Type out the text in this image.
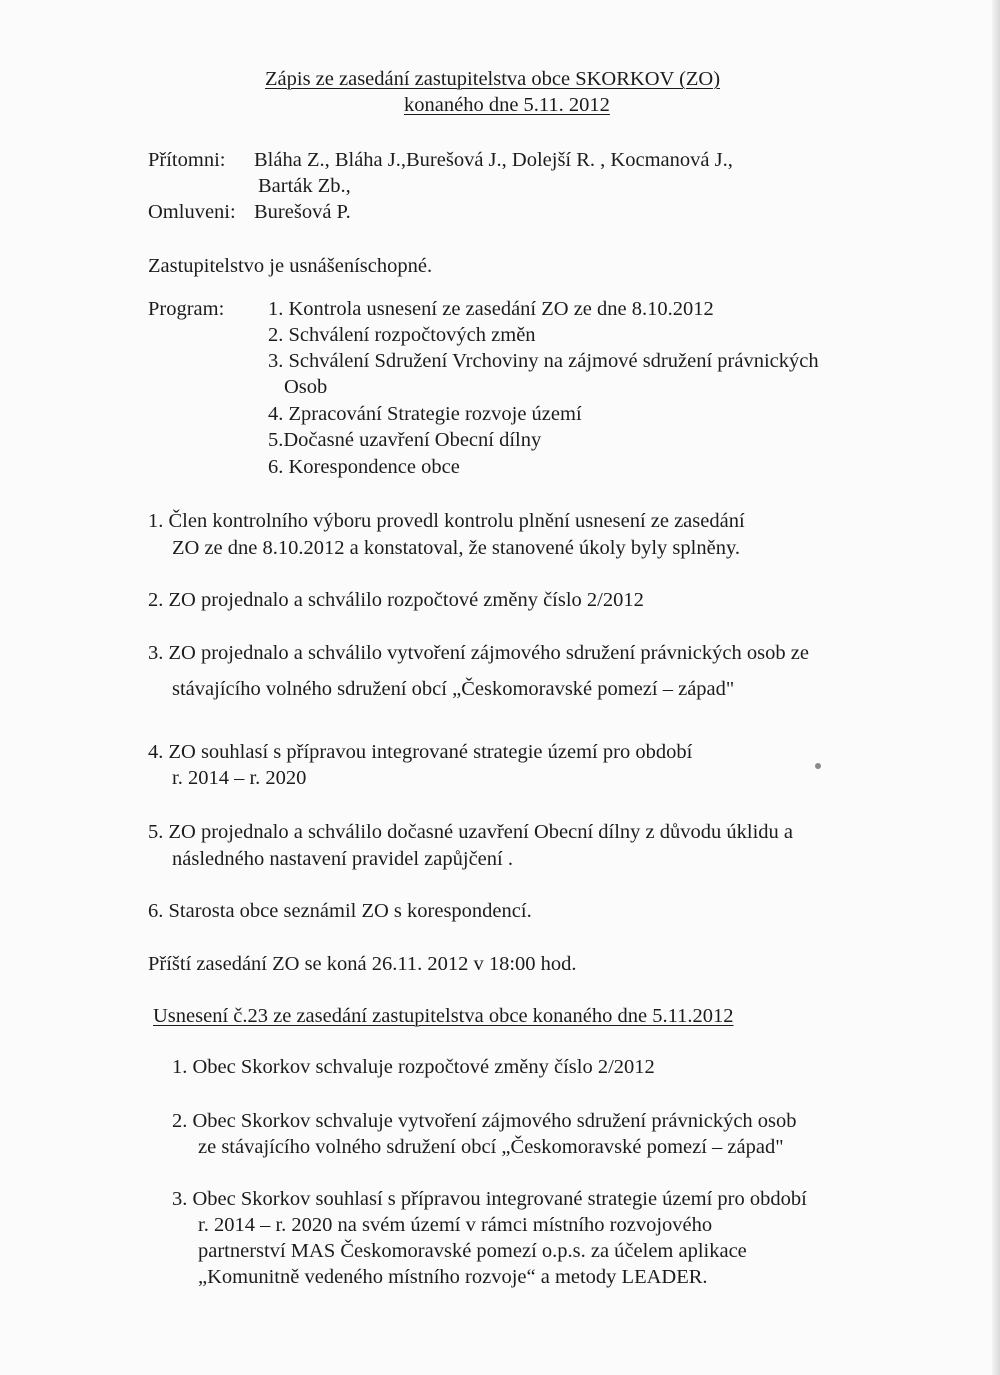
Zápis ze zasedání zastupitelstva obce SKORKOV (ZO)
konaného dne 5.11. 2012
Přítomni: Bláha Z., Bláha J.,Burešová J., Dolejší R. , Kocmanová J.,
Barták Zb.,
Omluveni: Burešová P.
Zastupitelstvo je usnášeníschopné.
Program: 1. Kontrola usnesení ze zasedání ZO ze dne 8.10.2012
2. Schválení rozpočtových změn
3. Schválení Sdružení Vrchoviny na zájmové sdružení právnických
Osob
4. Zpracování Strategie rozvoje území
5.Dočasné uzavření Obecní dílny
6. Korespondence obce
1. Člen kontrolního výboru provedl kontrolu plnění usnesení ze zasedání
ZO ze dne 8.10.2012 a konstatoval, že stanovené úkoly byly splněny.
2. ZO projednalo a schválilo rozpočtové změny číslo 2/2012
3. ZO projednalo a schválilo vytvoření zájmového sdružení právnických osob ze
stávajícího volného sdružení obcí „Českomoravské pomezí – západ"
4. ZO souhlasí s přípravou integrované strategie území pro období
r. 2014 – r. 2020
5. ZO projednalo a schválilo dočasné uzavření Obecní dílny z důvodu úklidu a
následného nastavení pravidel zapůjčení .
6. Starosta obce seznámil ZO s korespondencí.
Příští zasedání ZO se koná 26.11. 2012 v 18:00 hod.
Usnesení č.23 ze zasedání zastupitelstva obce konaného dne 5.11.2012
1. Obec Skorkov schvaluje rozpočtové změny číslo 2/2012
2. Obec Skorkov schvaluje vytvoření zájmového sdružení právnických osob
ze stávajícího volného sdružení obcí „Českomoravské pomezí – západ"
3. Obec Skorkov souhlasí s přípravou integrované strategie území pro období
r. 2014 – r. 2020 na svém území v rámci místního rozvojového
partnerství MAS Českomoravské pomezí o.p.s. za účelem aplikace
„Komunitně vedeného místního rozvoje“ a metody LEADER.
